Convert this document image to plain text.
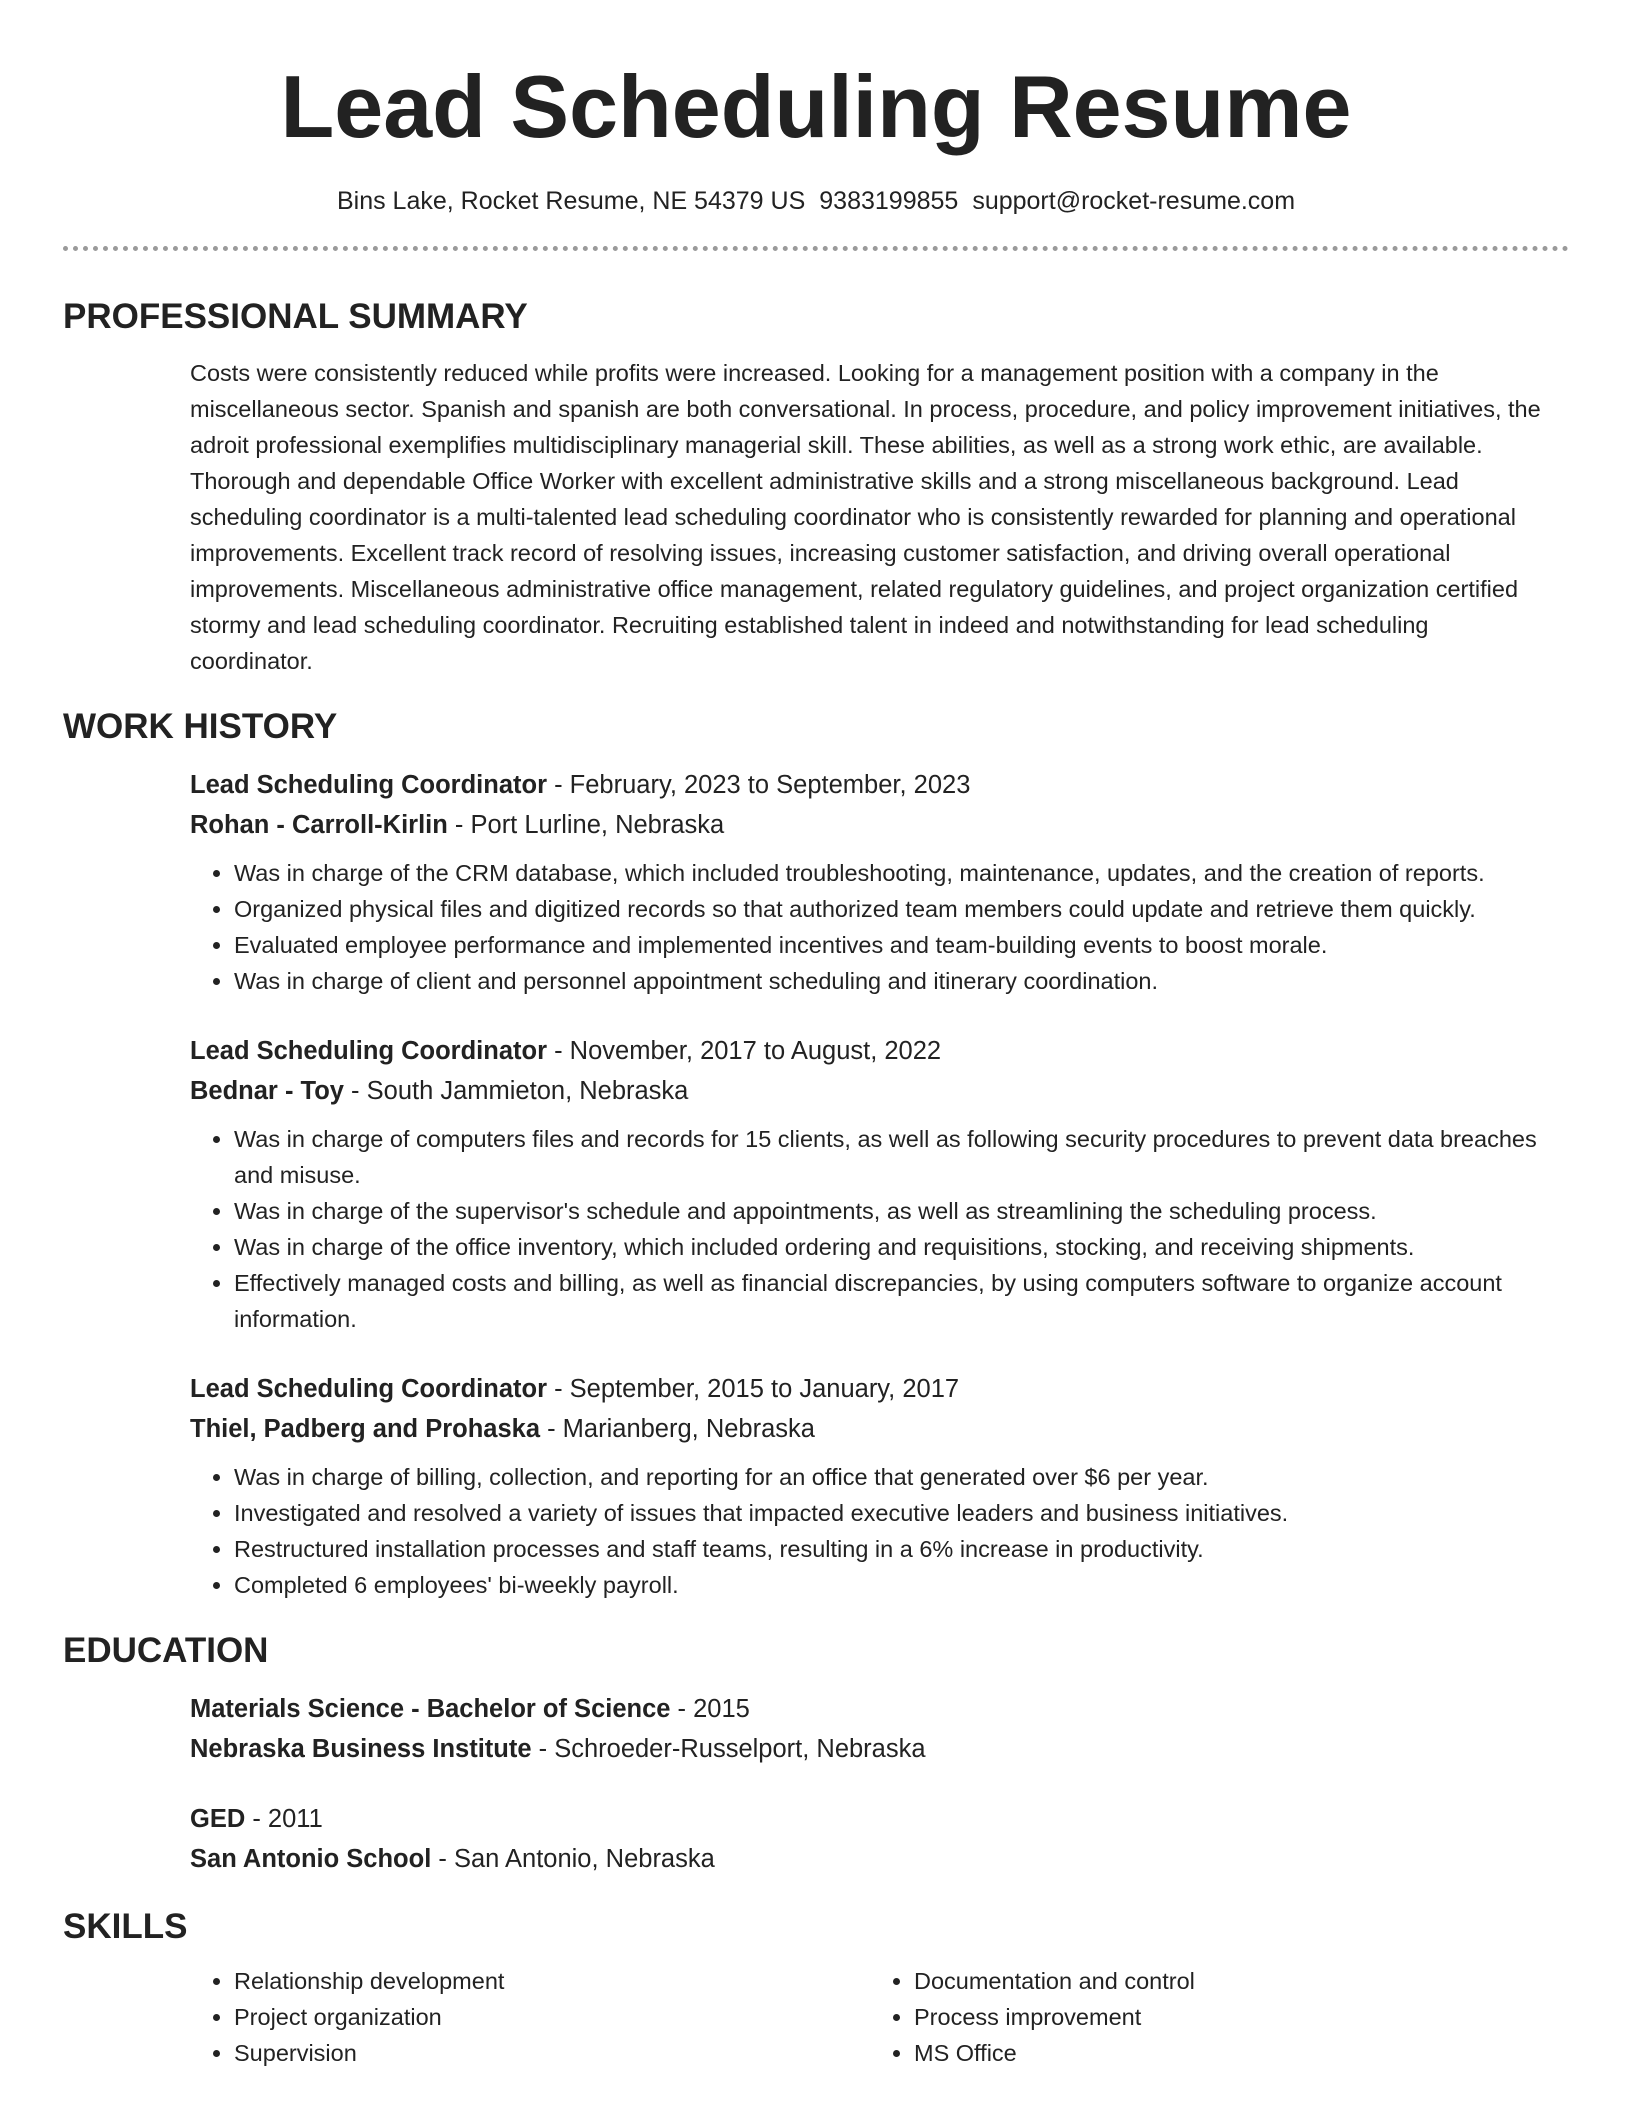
Lead Scheduling Resume
Bins Lake, Rocket Resume, NE 54379 US 9383199855 support@rocket-resume.com
PROFESSIONAL SUMMARY

Costs were consistently reduced while profits were increased. Looking for a management position with a company in the miscellaneous sector. Spanish and spanish are both conversational. In process, procedure, and policy improvement initiatives, the adroit professional exemplifies multidisciplinary managerial skill. These abilities, as well as a strong work ethic, are available. Thorough and dependable Office Worker with excellent administrative skills and a strong miscellaneous background. Lead scheduling coordinator is a multi-talented lead scheduling coordinator who is consistently rewarded for planning and operational improvements. Excellent track record of resolving issues, increasing customer satisfaction, and driving overall operational improvements. Miscellaneous administrative office management, related regulatory guidelines, and project organization certified stormy and lead scheduling coordinator. Recruiting established talent in indeed and notwithstanding for lead scheduling coordinator.

WORK HISTORY
Lead Scheduling Coordinator - February, 2023 to September, 2023
Rohan - Carroll-Kirlin - Port Lurline, Nebraska
• Was in charge of the CRM database, which included troubleshooting, maintenance, updates, and the creation of reports.
• Organized physical files and digitized records so that authorized team members could update and retrieve them quickly.
• Evaluated employee performance and implemented incentives and team-building events to boost morale.
• Was in charge of client and personnel appointment scheduling and itinerary coordination.
Lead Scheduling Coordinator - November, 2017 to August, 2022
Bednar - Toy - South Jammieton, Nebraska
• Was in charge of computers files and records for 15 clients, as well as following security procedures to prevent data breaches and misuse.
• Was in charge of the supervisor's schedule and appointments, as well as streamlining the scheduling process.
• Was in charge of the office inventory, which included ordering and requisitions, stocking, and receiving shipments.
• Effectively managed costs and billing, as well as financial discrepancies, by using computers software to organize account information.
Lead Scheduling Coordinator - September, 2015 to January, 2017
Thiel, Padberg and Prohaska - Marianberg, Nebraska
• Was in charge of billing, collection, and reporting for an office that generated over $6 per year.
• Investigated and resolved a variety of issues that impacted executive leaders and business initiatives.
• Restructured installation processes and staff teams, resulting in a 6% increase in productivity.
• Completed 6 employees' bi-weekly payroll.
EDUCATION
Materials Science - Bachelor of Science - 2015
Nebraska Business Institute - Schroeder-Russelport, Nebraska
GED - 2011
San Antonio School - San Antonio, Nebraska
SKILLS
• Relationship development
• Project organization
• Supervision
• Documentation and control
• Process improvement
• MS Office
